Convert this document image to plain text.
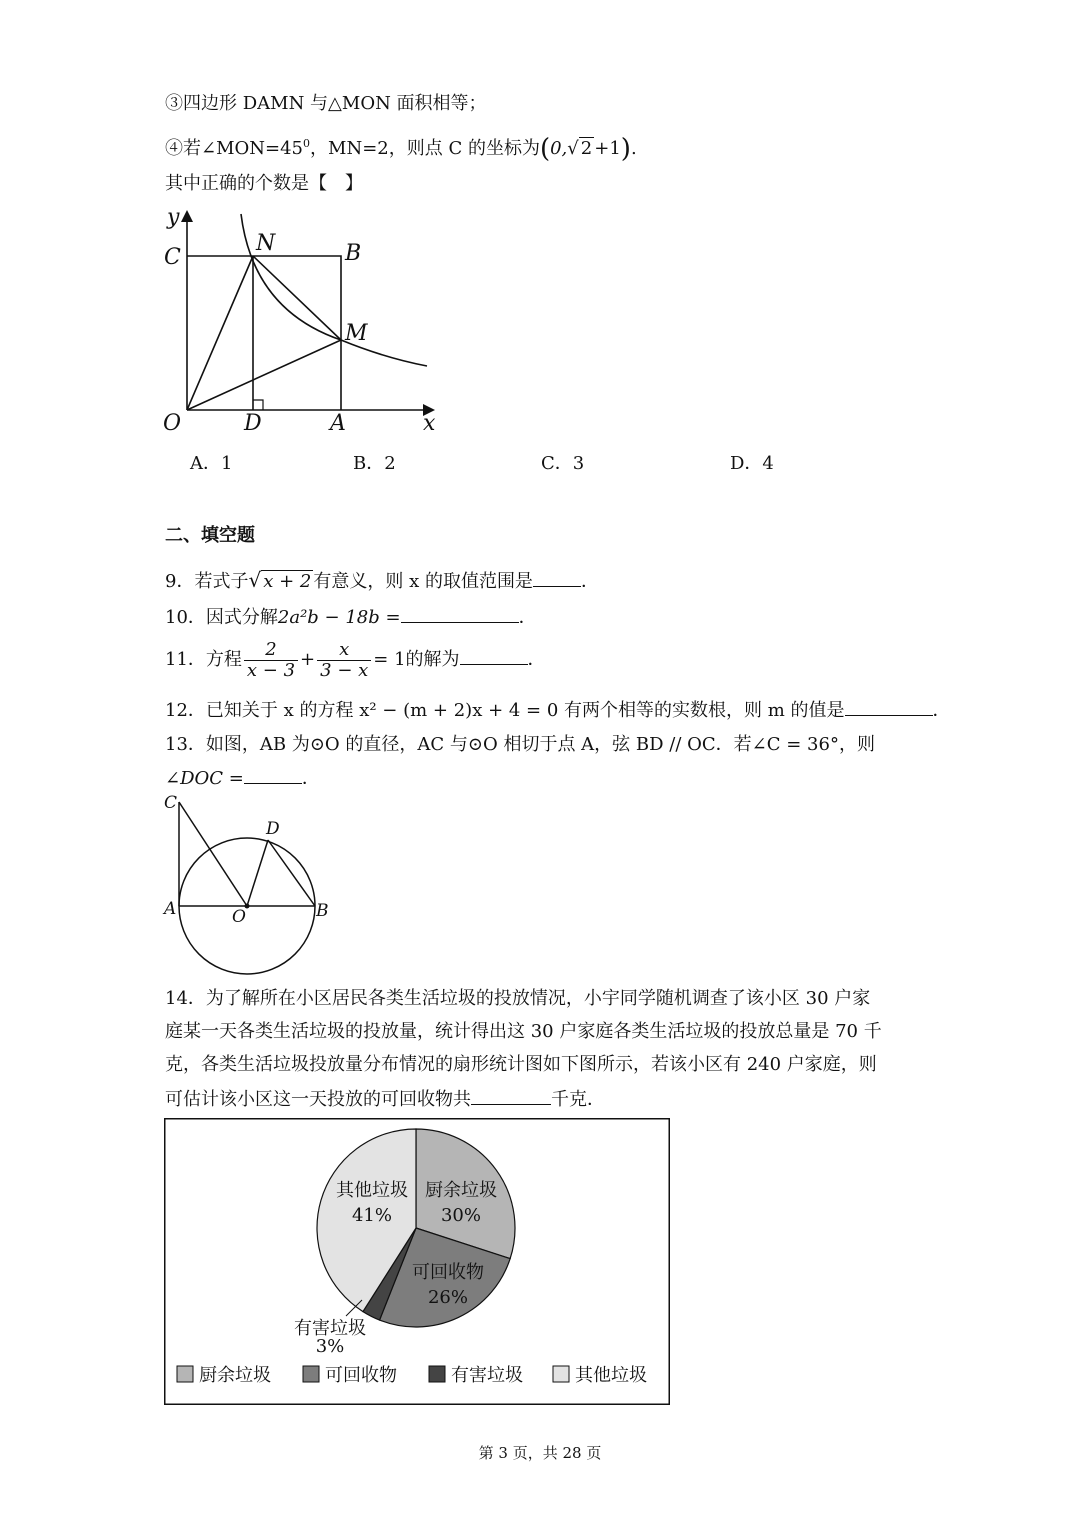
③四边形 DAMN 与△MON 面积相等；
④若$\angle MON=45^0$，MN=2，则点 C 的坐标为(0,√ 2 +1).
其中正确的个数是【　】
y
x
C
N	B
M
O	D	A
A．1	B．2	C．3	D．4
二、填空题
9．若式子√ x + 2 有意义，则 x 的取值范围是	．
10．因式分解2a²b − 18b =	．
11．方程 $\frac{2}{x - 3} + \frac{x}{3 - x} = 1$的解为	．
12．已知关于 x 的方程 x² − (m + 2)x + 4 = 0 有两个相等的实数根，则 m 的值是	．
13．如图，AB 为⊙O 的直径，AC 与⊙O 相切于点 A，弦 BD // OC．若∠C = 36°，则
∠DOC =	．
C
D
A	O	B
14．为了解所在小区居民各类生活垃圾的投放情况，小宇同学随机调查了该小区 30 户家
庭某一天各类生活垃圾的投放量，统计得出这 30 户家庭各类生活垃圾的投放总量是 70 千
克，各类生活垃圾投放量分布情况的扇形统计图如下图所示，若该小区有 240 户家庭，则
可估计该小区这一天投放的可回收物共	千克．
其他垃圾
41%
厨余垃圾
30%
可回收物
26%
有害垃圾
3%
厨余垃圾	可回收物	有害垃圾	其他垃圾
第 3 页，共 28 页
